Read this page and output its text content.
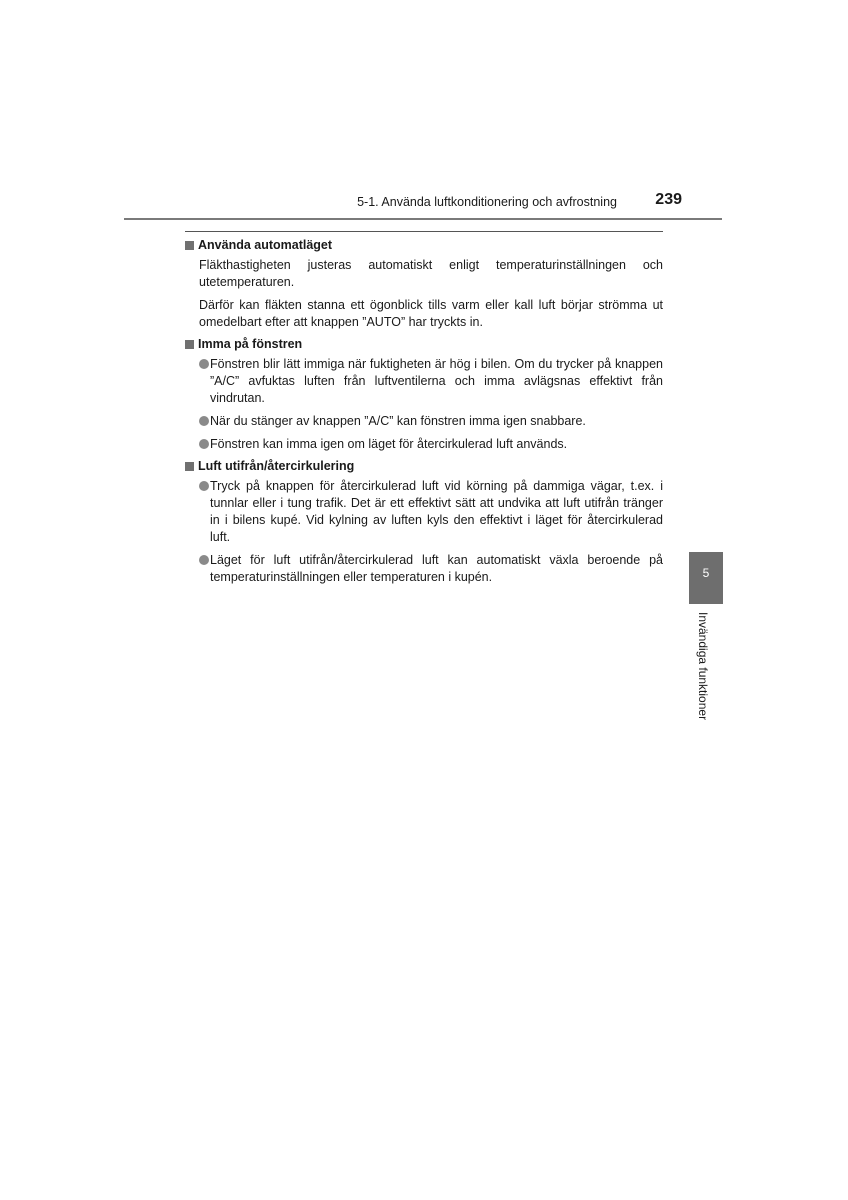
5-1. Använda luftkonditionering och avfrostning 239
Använda automatläget

Fläkthastigheten justeras automatiskt enligt temperaturinställningen och utetemperaturen.

Därför kan fläkten stanna ett ögonblick tills varm eller kall luft börjar strömma ut omedelbart efter att knappen ”AUTO” har tryckts in.

Imma på fönstren
Fönstren blir lätt immiga när fuktigheten är hög i bilen. Om du trycker på knappen ”A/C” avfuktas luften från luftventilerna och imma avlägsnas effektivt från vindrutan.
När du stänger av knappen ”A/C” kan fönstren imma igen snabbare.
Fönstren kan imma igen om läget för återcirkulerad luft används.
Luft utifrån/återcirkulering
Tryck på knappen för återcirkulerad luft vid körning på dammiga vägar, t.ex. i tunnlar eller i tung trafik. Det är ett effektivt sätt att undvika att luft utifrån tränger in i bilens kupé. Vid kylning av luften kyls den effektivt i läget för återcirkulerad luft.
Läget för luft utifrån/återcirkulerad luft kan automatiskt växla beroende på temperaturinställningen eller temperaturen i kupén.	5
Invändiga funktioner
